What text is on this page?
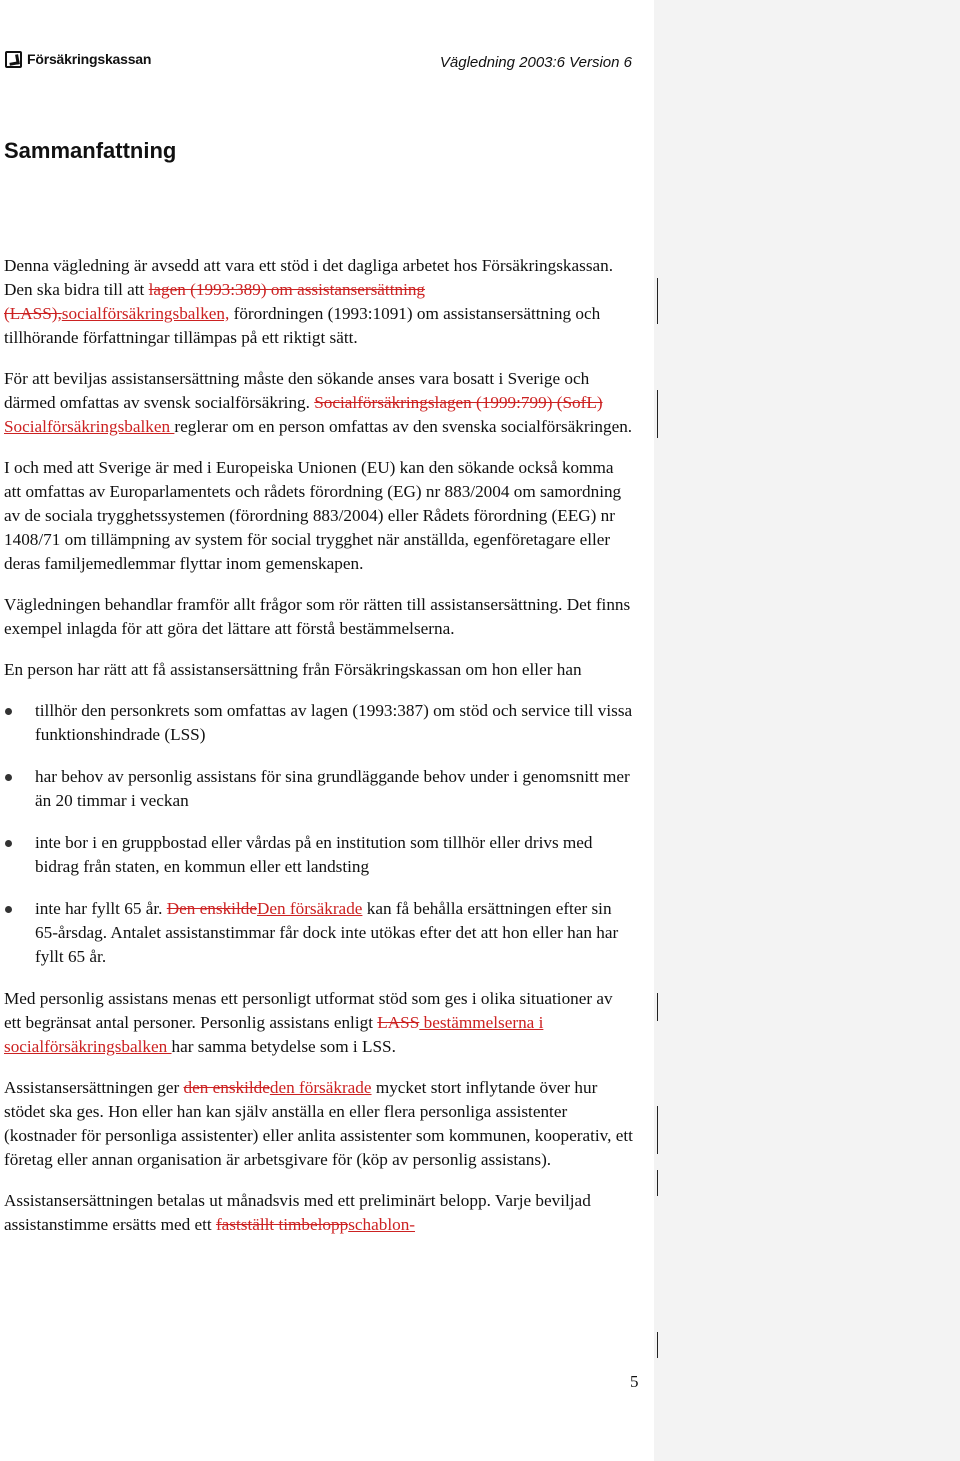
Försäkringskassan	Vägledning 2003:6 Version 6
Sammanfattning

Denna vägledning är avsedd att vara ett stöd i det dagliga arbetet hos Försäkringskassan. Den ska bidra till att lagen (1993:389) om assistansersättning (LASS),socialförsäkringsbalken, förordningen (1993:1091) om assistansersättning och tillhörande författningar tillämpas på ett riktigt sätt.

För att beviljas assistansersättning måste den sökande anses vara bosatt i Sverige och därmed omfattas av svensk socialförsäkring. Socialförsäkringslagen (1999:799) (SofL) Socialförsäkringsbalken reglerar om en person omfattas av den svenska socialförsäkringen.

I och med att Sverige är med i Europeiska Unionen (EU) kan den sökande också komma att omfattas av Europarlamentets och rådets förordning (EG) nr 883/2004 om samordning av de sociala trygghetssystemen (förordning 883/2004) eller Rådets förordning (EEG) nr 1408/71 om tillämpning av system för social trygghet när anställda, egenföretagare eller deras familjemedlemmar flyttar inom gemenskapen.

Vägledningen behandlar framför allt frågor som rör rätten till assistansersättning. Det finns exempel inlagda för att göra det lättare att förstå bestämmelserna.

En person har rätt att få assistansersättning från Försäkringskassan om hon eller han

tillhör den personkrets som omfattas av lagen (1993:387) om stöd och service till vissa funktionshindrade (LSS)
har behov av personlig assistans för sina grundläggande behov under i genomsnitt mer än 20 timmar i veckan
inte bor i en gruppbostad eller vårdas på en institution som tillhör eller drivs med bidrag från staten, en kommun eller ett landsting
inte har fyllt 65 år. Den enskildeDen försäkrade kan få behålla ersättningen efter sin 65-årsdag. Antalet assistanstimmar får dock inte utökas efter det att hon eller han har fyllt 65 år.

Med personlig assistans menas ett personligt utformat stöd som ges i olika situationer av ett begränsat antal personer. Personlig assistans enligt LASS bestämmelserna i socialförsäkringsbalken har samma betydelse som i LSS.

Assistansersättningen ger den enskildeden försäkrade mycket stort inflytande över hur stödet ska ges. Hon eller han kan själv anställa en eller flera personliga assistenter (kostnader för personliga assistenter) eller anlita assistenter som kommunen, kooperativ, ett företag eller annan organisation är arbetsgivare för (köp av personlig assistans).

Assistansersättningen betalas ut månadsvis med ett preliminärt belopp. Varje beviljad assistanstimme ersätts med ett fastställt timbeloppschablon-

5
